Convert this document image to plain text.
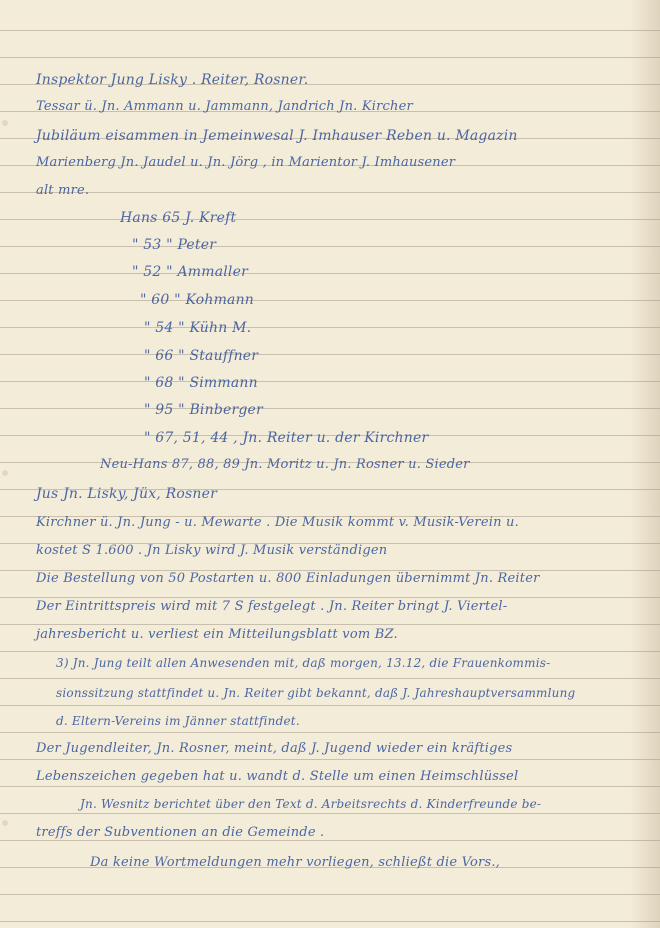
Inspektor Jung Lisky . Reiter, Rosner.
Tessar ü. Jn. Ammann u. Jammann, Jandrich Jn. Kircher
Jubiläum eisammen in Jemeinwesal J. Imhauser Reben u. Magazin
Marienberg Jn. Jaudel u. Jn. Jörg , in Marientor J. Imhausener
alt mre.
Hans 65 J. Kreft
" 53 " Peter
" 52 " Ammaller
" 60 " Kohmann
" 54 " Kühn M.
" 66 " Stauffner
" 68 " Simmann
" 95 " Binberger
" 67, 51, 44 , Jn. Reiter u. der Kirchner
Neu-Hans 87, 88, 89 Jn. Moritz u. Jn. Rosner u. Sieder
Jus Jn. Lisky, Jüx, Rosner
Kirchner ü. Jn. Jung - u. Mewarte . Die Musik kommt v. Musik-Verein u.
kostet S 1.600 . Jn Lisky wird J. Musik verständigen
Die Bestellung von 50 Postarten u. 800 Einladungen übernimmt Jn. Reiter
Der Eintrittspreis wird mit 7 S festgelegt . Jn. Reiter bringt J. Viertel-
jahresbericht u. verliest ein Mitteilungsblatt vom BZ.
3) Jn. Jung teilt allen Anwesenden mit, daß morgen, 13.12, die Frauenkommis-
sionssitzung stattfindet u. Jn. Reiter gibt bekannt, daß J. Jahreshauptversammlung
d. Eltern-Vereins im Jänner stattfindet.
Der Jugendleiter, Jn. Rosner, meint, daß J. Jugend wieder ein kräftiges
Lebenszeichen gegeben hat u. wandt d. Stelle um einen Heimschlüssel
Jn. Wesnitz berichtet über den Text d. Arbeitsrechts d. Kinderfreunde be-
treffs der Subventionen an die Gemeinde .
Da keine Wortmeldungen mehr vorliegen, schließt die Vors.,
